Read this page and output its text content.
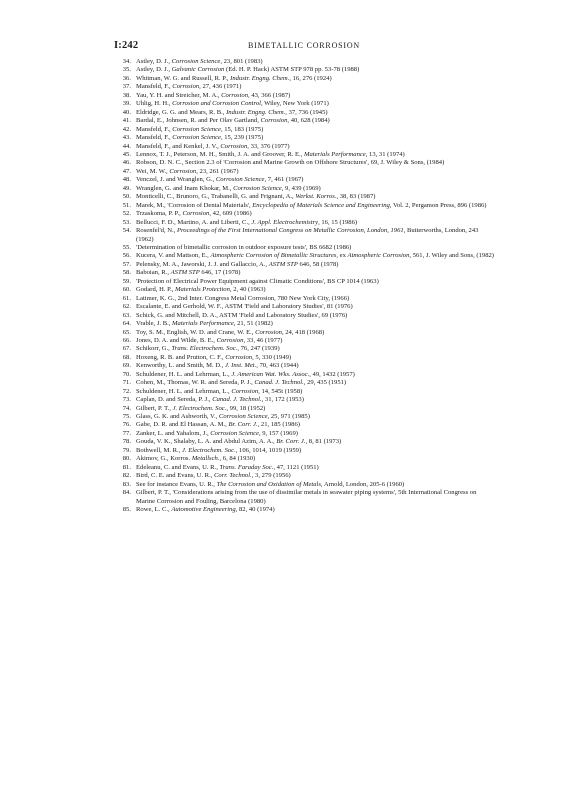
I:242	BIMETALLIC CORROSION
34. Astley, D. J., Corrosion Science, 23, 801 (1983)
35. Astley, D. J., Galvanic Corrosion (Ed. H. P. Hack) ASTM STP 978 pp. 53-78 (1988)
36. Whitman, W. G. and Russell, R. P., Industr. Engng. Chem., 16, 276 (1924)
37. Mansfeld, F., Corrosion, 27, 436 (1971)
38. Yau, Y. H. and Streicher, M. A., Corrosion, 43, 366 (1987)
39. Uhlig, H. H., Corrosion and Corrosion Control, Wiley, New York (1971)
40. Eldridge, G. G. and Mears, R. B., Industr. Engng. Chem., 37, 736 (1945)
41. Bardal, E., Johnsen, R. and Per Olav Gartland, Corrosion, 40, 628 (1984)
42. Mansfeld, F., Corrosion Science, 15, 183 (1975)
43. Mansfeld, F., Corrosion Science, 15, 239 (1975)
44. Mansfeld, F., and Kenkel, J. V., Corrosion, 33, 376 (1977)
45. Lennox, T. J., Peterson, M. H., Smith, J. A. and Groover, R. E., Materials Performance, 13, 31 (1974)
46. Robson, D. N. C., Section 2.3 of 'Corrosion and Marine Growth on Offshore Structures', 69, J. Wiley & Sons, (1984)
47. Wei, M. W., Corrosion, 23, 261 (1967)
48. Venczel, J. and Wranglen, G., Corrosion Science, 7, 461 (1967)
49. Wranglen, G. and Inam Khokar, M., Corrosion Science, 9, 439 (1969)
50. Monticelli, C., Brunoro, G., Trabanelli, G. and Frignani, A., Werkst. Korros., 38, 83 (1987)
51. Marek, M., 'Corrosion of Dental Materials', Encyclopedia of Materials Science and Engineering, Vol. 2, Pergamon Press, 896 (1986)
52. Trzaskoma, P. P., Corrosion, 42, 609 (1986)
53. Bellucci, F. D., Martino, A. and Liberti, C., J. Appl. Electrochemistry, 16, 15 (1986)
54. Rosenfel'd, N., Proceedings of the First International Congress on Metallic Corrosion, London, 1961, Butterworths, London, 243 (1962)
55. 'Determination of bimetallic corrosion in outdoor exposure tests', BS 6682 (1986)
56. Kucera, V. and Mattson, E., Atmospheric Corrosion of Bimetallic Structures, ex Atmospheric Corrosion, 561, J. Wiley and Sons, (1982)
57. Pelensky, M. A., Jaworski, J. J. and Gallaccio, A., ASTM STP 646, 58 (1978)
58. Baboian, R., ASTM STP 646, 17 (1978)
59. 'Protection of Electrical Power Equipment against Climatic Conditions', BS CP 1014 (1963)
60. Godard, H. P., Materials Protection, 2, 40 (1963)
61. Latimer, K. G., 2nd Inter. Congress Metal Corrosion, 780 New York City, (1966)
62. Escalante, E. and Gerhold, W. F., ASTM 'Field and Laboratory Studies', 81 (1976)
63. Schick, G. and Mitchell, D. A., ASTM 'Field and Laboratory Studies', 69 (1976)
64. Vrable, J. B., Materials Performance, 21, 51 (1982)
65. Toy, S. M., English, W. D. and Crane, W. E., Corrosion, 24, 418 (1968)
66. Jones, D. A. and Wilde, B. E., Corrosion, 33, 46 (1977)
67. Schikorr, G., Trans. Electrochem. Soc., 76, 247 (1939)
68. Hoxeng, R. B. and Prutton, C. F., Corrosion, 5, 330 (1949)
69. Kenworthy, L. and Smith, M. D., J. Inst. Met., 70, 463 (1944)
70. Schuldener, H. L. and Lehrman, L., J. American Wat. Wks. Assoc., 49, 1432 (1957)
71. Cohen, M., Thomas, W. R. and Sereda, P. J., Canad. J. Technol., 29, 435 (1951)
72. Schuldener, H. L. and Lehrman, L., Corrosion, 14, 545t (1958)
73. Caplan, D. and Sereda, P. J., Canad. J. Technol., 31, 172 (1953)
74. Gilbert, P. T., J. Electrochem. Soc., 99, 18 (1952)
75. Glass, G. K. and Ashworth, V., Corrosion Science, 25, 971 (1985)
76. Gabe, D. R. and El Hassan, A. M., Br. Corr. J., 21, 185 (1986)
77. Zanker, L. and Yahalom, J., Corrosion Science, 9, 157 (1969)
78. Gouda, V. K., Shalaby, L. A. and Abdul Azim, A. A., Br. Corr. J., 8, 81 (1973)
79. Bothwell, M. R., J. Electrochem. Soc., 106, 1014, 1019 (1959)
80. Akimov, G., Korros. Metallsch., 6, 84 (1930)
81. Edeleanu, C. and Evans, U. R., Trans. Faraday Soc., 47, 1121 (1951)
82. Bird, C. E. and Evans, U. R., Corr. Technol., 3, 279 (1956)
83. See for instance Evans, U. R., The Corrosion and Oxidation of Metals, Arnold, London, 205-6 (1960)
84. Gilbert, P. T., 'Considerations arising from the use of dissimilar metals in seawater piping systems', 5th International Congress on Marine Corrosion and Fouling, Barcelona (1980)
85. Rowe, L. C., Automotive Engineering, 82, 40 (1974)
